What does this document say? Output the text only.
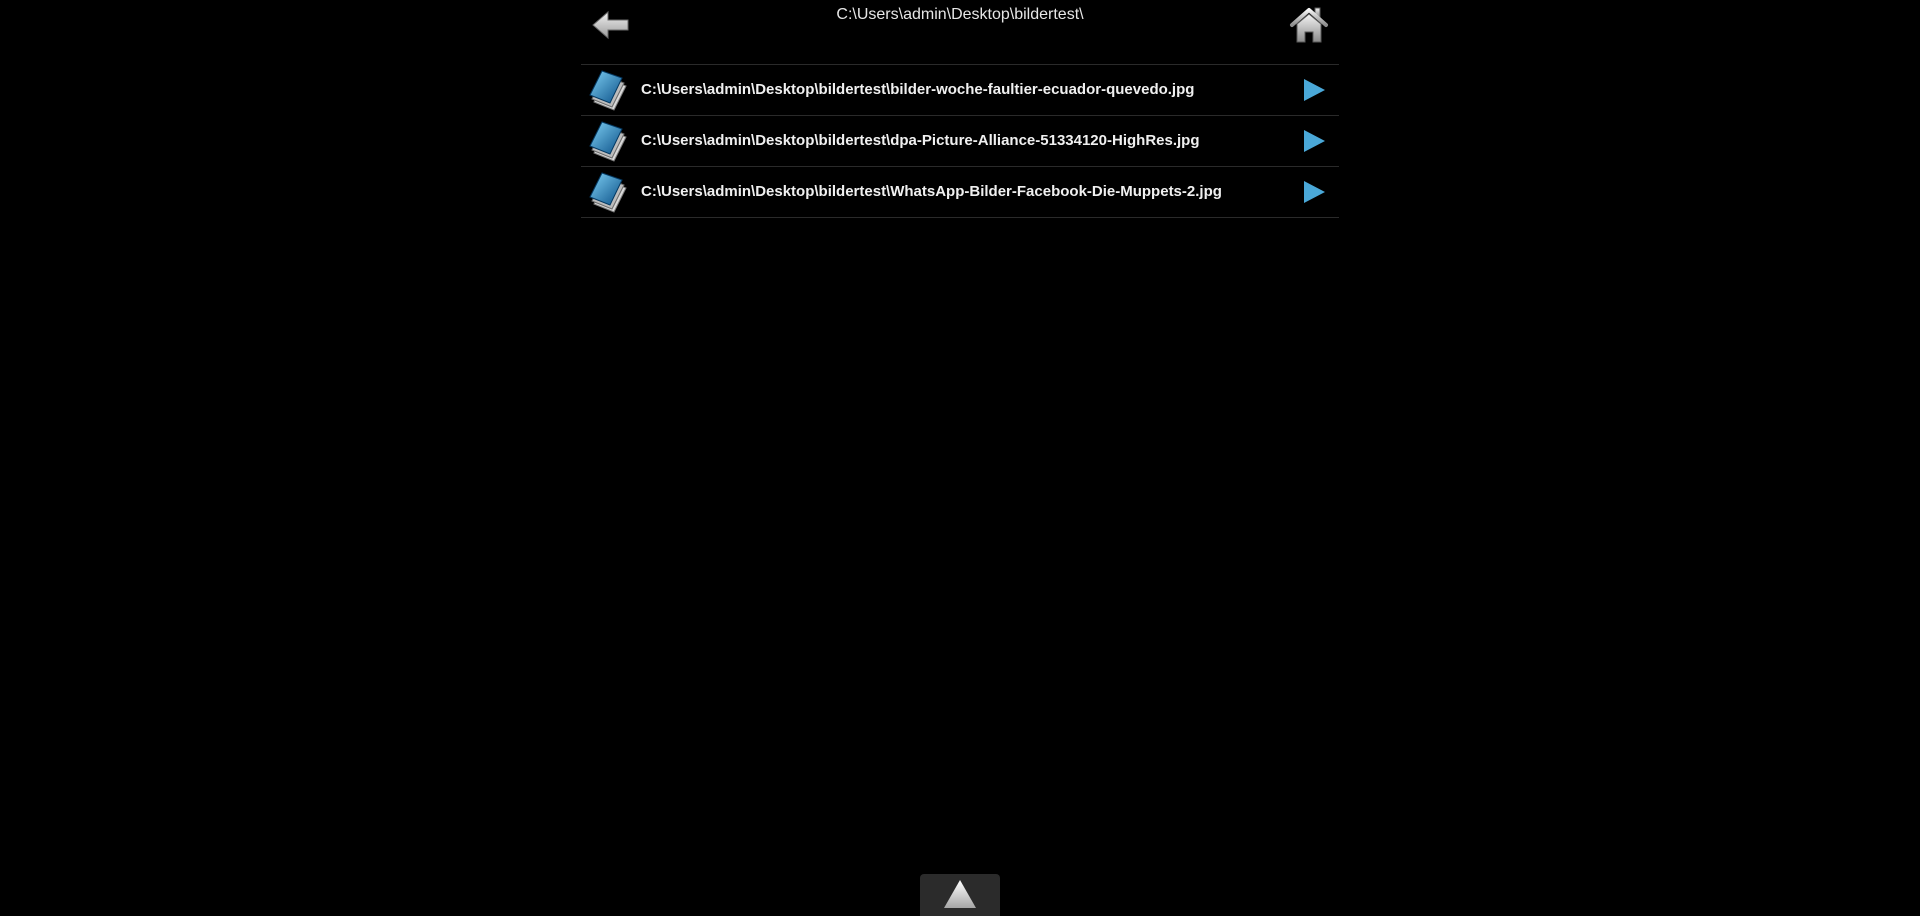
C:\Users\admin\Desktop\bildertest\
C:\Users\admin\Desktop\bildertest\bilder-woche-faultier-ecuador-quevedo.jpg
C:\Users\admin\Desktop\bildertest\dpa-Picture-Alliance-51334120-HighRes.jpg
C:\Users\admin\Desktop\bildertest\WhatsApp-Bilder-Facebook-Die-Muppets-2.jpg
